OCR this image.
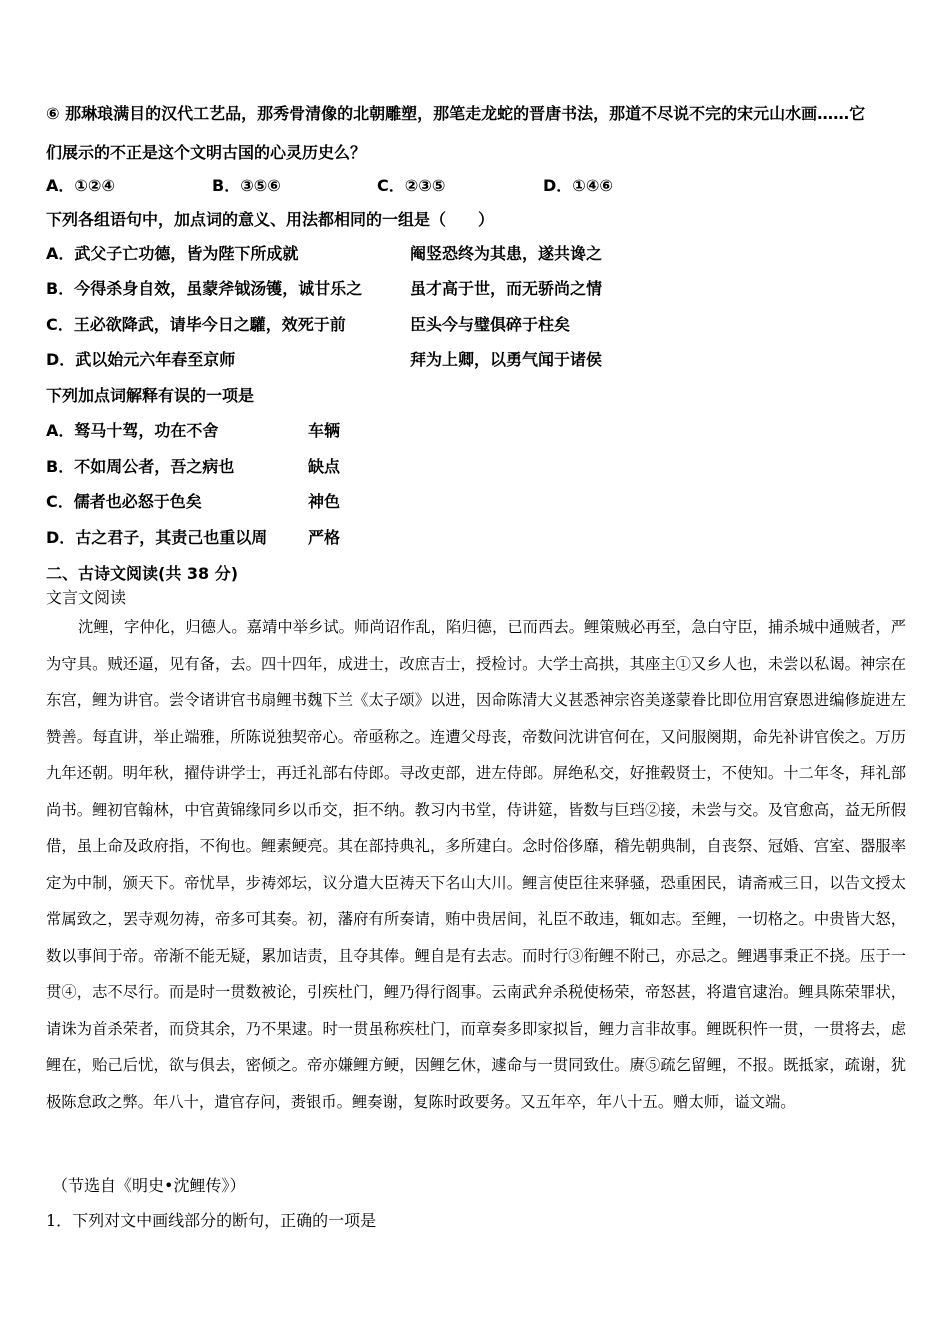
⑥ 那琳琅满目的汉代工艺品，那秀骨清像的北朝雕塑，那笔走龙蛇的晋唐书法，那道不尽说不完的宋元山水画……它
们展示的不正是这个文明古国的心灵历史么？
A．①②④	B．③⑤⑥	C．②③⑤	D．①④⑥
下列各组语句中，加点词的意义、用法都相同的一组是（　　）
A．武父子亡功德，皆为陛下所成就	阉竖恐终为其患，遂共谗之
B．今得杀身自效，虽蒙斧钺汤镬，诚甘乐之	虽才高于世，而无骄尚之情
C．王必欲降武，请毕今日之驩，效死于前	臣头今与璧俱碎于柱矣
D．武以始元六年春至京师	拜为上卿，以勇气闻于诸侯
下列加点词解释有误的一项是
A．驽马十驾，功在不舍	车辆
B．不如周公者，吾之病也	缺点
C．儒者也必怒于色矣	神色
D．古之君子，其责己也重以周	严格
二、古诗文阅读(共 38 分)
文言文阅读
沈鲤，字仲化，归德人。嘉靖中举乡试。师尚诏作乱，陷归德，已而西去。鲤策贼必再至，急白守臣，捕杀城中通贼者，严为守具。贼还逼，见有备，去。四十四年，成进士，改庶吉士，授检讨。大学士高拱，其座主①又乡人也，未尝以私谒。神宗在东宫，鲤为讲官。尝令诸讲官书扇鲤书魏下兰《太子颂》以进，因命陈清大义甚悉神宗咨美遂蒙眷比即位用宫寮恩进编修旋进左赞善。每直讲，举止端雅，所陈说独契帝心。帝亟称之。连遭父母丧，帝数问沈讲官何在，又问服阕期，命先补讲官俟之。万历九年还朝。明年秋，擢侍讲学士，再迁礼部右侍郎。寻改吏部，进左侍郎。屏绝私交，好推毂贤士，不使知。十二年冬，拜礼部尚书。鲤初官翰林，中官黄锦缘同乡以币交，拒不纳。教习内书堂，侍讲筵，皆数与巨珰②接，未尝与交。及官愈高，益无所假借，虽上命及政府指，不徇也。鲤素鲠亮。其在部持典礼，多所建白。念时俗侈靡，稽先朝典制，自丧祭、冠婚、宫室、器服率定为中制，颁天下。帝忧旱，步祷郊坛，议分遣大臣祷天下名山大川。鲤言使臣往来驿骚，恐重困民，请斋戒三日，以告文授太常属致之，罢寺观勿祷，帝多可其奏。初，藩府有所奏请，贿中贵居间，礼臣不敢违，辄如志。至鲤，一切格之。中贵皆大怒，数以事间于帝。帝渐不能无疑，累加诘责，且夺其俸。鲤自是有去志。而时行③衔鲤不附己，亦忌之。鲤遇事秉正不挠。压于一贯④，志不尽行。而是时一贯数被论，引疾杜门，鲤乃得行阁事。云南武弁杀税使杨荣，帝怒甚，将遣官逮治。鲤具陈荣罪状，请诛为首杀荣者，而贷其余，乃不果逮。时一贯虽称疾杜门，而章奏多即家拟旨，鲤力言非故事。鲤既积忤一贯，一贯将去，虑鲤在，贻己后忧，欲与俱去，密倾之。帝亦嫌鲤方鲠，因鲤乞休，遽命与一贯同致仕。赓⑤疏乞留鲤，不报。既抵家，疏谢，犹极陈怠政之弊。年八十，遣官存问，赉银币。鲤奏谢，复陈时政要务。又五年卒，年八十五。赠太师，谥文端。
（节选自《明史•沈鲤传》）
1．下列对文中画线部分的断句，正确的一项是
